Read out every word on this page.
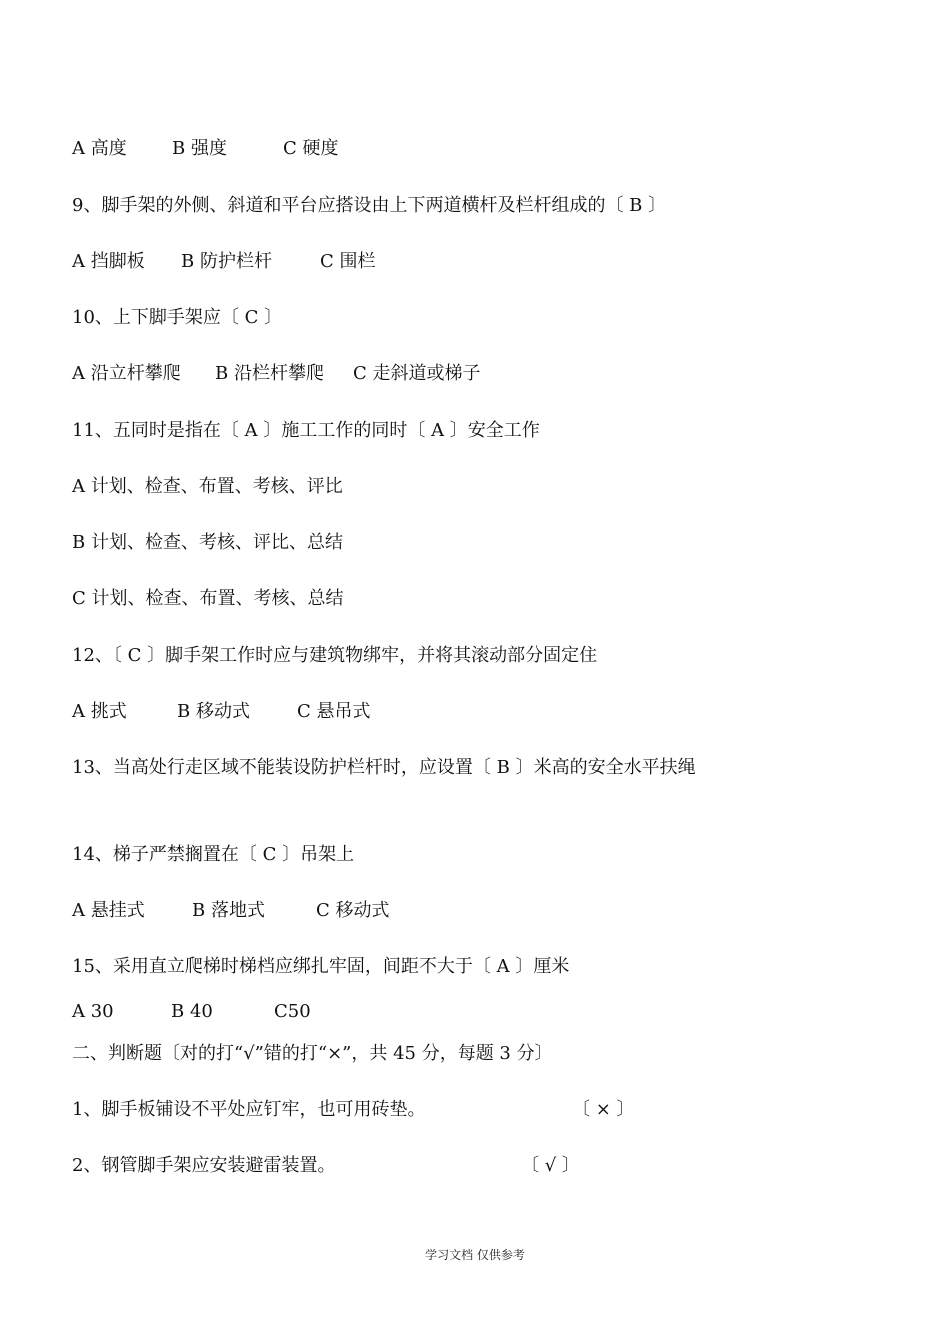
A 高度

	B 强度

	C 硬度

9、脚手架的外侧、斜道和平台应搭设由上下两道横杆及栏杆组成的〔 B 〕

A 挡脚板

B 防护栏杆

	C 围栏

10、上下脚手架应〔 C 〕

A 沿立杆攀爬

B 沿栏杆攀爬

C 走斜道或梯子

11、五同时是指在〔 A 〕施工工作的同时〔 A 〕安全工作
A 计划、检查、布置、考核、评比
B 计划、检查、考核、评比、总结
C 计划、检查、布置、考核、总结
12、〔 C 〕脚手架工作时应与建筑物绑牢，并将其滚动部分固定住

A 挑式

	B 移动式

	C 悬吊式

13、当高处行走区域不能装设防护栏杆时，应设置〔 B 〕米高的安全水平扶绳
14、梯子严禁搁置在〔 C 〕吊架上

A 悬挂式

	B 落地式

	C 移动式

15、采用直立爬梯时梯档应绑扎牢固，间距不大于〔 A 〕厘米

A 30

	B 40

	C50

二、判断题〔对的打“√”错的打“×”，共 45 分，每题 3 分〕

1、脚手板铺设不平处应钉牢，也可用砖垫。

	〔 × 〕

2、钢管脚手架应安装避雷装置。

	〔 √ 〕

学习文档 仅供参考
